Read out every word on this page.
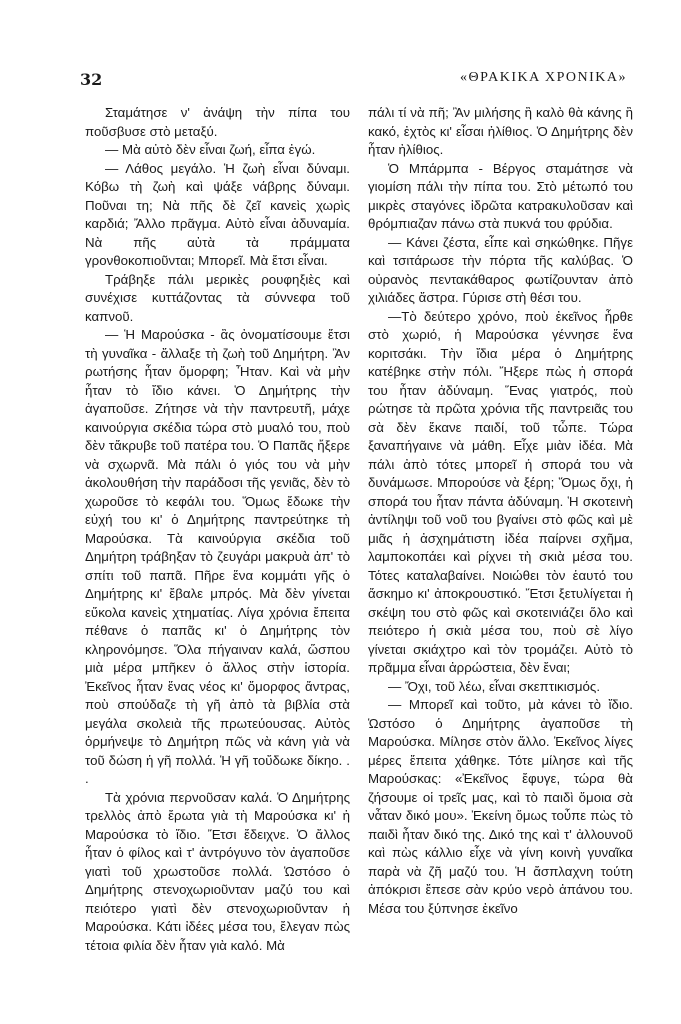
32	«ΘΡΑΚΙΚΑ ΧΡΟΝΙΚΑ»

Σταμάτησε ν' ἀνάψη τὴν πίπα του ποῦσβυσε στὸ μεταξύ.

— Μὰ αὐτὸ δὲν εἶναι ζωή, εἶπα ἐγώ.

— Λάθος μεγάλο. Ἡ ζωὴ εἶναι δύναμι. Κόβω τὴ ζωὴ καὶ ψάξε νάβρης δύναμι. Ποῦναι τη; Νὰ πῆς δὲ ζεῖ κανεὶς χωρὶς καρδιά; Ἄλλο πρᾶγμα. Αὐτὸ εἶναι ἀδυναμία. Νὰ πῆς αὐτὰ τὰ πράμματα γρονθοκοπιοῦνται; Μπορεῖ. Μὰ ἔτσι εἶναι.

Τράβηξε πάλι μερικὲς ρουφηξιὲς καὶ συνέχισε κυττάζοντας τὰ σύννεφα τοῦ καπνοῦ.

— Ἡ Μαρούσκα - ἂς ὀνοματίσουμε ἔτσι τὴ γυναῖκα - ἄλλαξε τὴ ζωὴ τοῦ Δημήτρη. Ἂν ρωτήσης ἦταν ὄμορφη; Ἦταν. Καὶ νὰ μὴν ἦταν τὸ ἴδιο κάνει. Ὁ Δημήτρης τὴν ἀγαποῦσε. Ζήτησε νὰ τὴν παντρευτῆ, μάχε καινούργια σκέδια τώρα στὸ μυαλό του, ποὺ δὲν τἄκρυβε τοῦ πατέρα του. Ὁ Παπᾶς ἤξερε νὰ σχωρνᾶ. Μὰ πάλι ὁ γιός του νὰ μὴν ἀκολουθήση τὴν παράδοσι τῆς γενιᾶς, δὲν τὸ χωροῦσε τὸ κεφάλι του. Ὅμως ἔδωκε τὴν εὐχή του κι' ὁ Δημήτρης παντρεύτηκε τὴ Μαρούσκα. Τὰ καινούργια σκέδια τοῦ Δημήτρη τράβηξαν τὸ ζευγάρι μακρυὰ ἀπ' τὸ σπίτι τοῦ παπᾶ. Πῆρε ἕνα κομμάτι γῆς ὁ Δημήτρης κι' ἔβαλε μπρός. Μὰ δὲν γίνεται εὔκολα κανεὶς χτηματίας. Λίγα χρόνια ἔπειτα πέθανε ὁ παπᾶς κι' ὁ Δημήτρης τὸν κληρονόμησε. Ὅλα πήγαιναν καλά, ὥσπου μιὰ μέρα μπῆκεν ὁ ἄλλος στὴν ἱστορία. Ἐκεῖνος ἦταν ἕνας νέος κι' ὄμορφος ἄντρας, ποὺ σπούδαζε τὴ γῆ ἀπὸ τὰ βιβλία στὰ μεγάλα σκολειὰ τῆς πρωτεύουσας. Αὐτὸς ὁρμήνεψε τὸ Δημήτρη πῶς νὰ κάνη γιὰ νὰ τοῦ δώση ἡ γῆ πολλά. Ἡ γῆ τοὔδωκε δίκηο. . .

Τὰ χρόνια περνοῦσαν καλά. Ὁ Δημήτρης τρελλὸς ἀπὸ ἔρωτα γιὰ τὴ Μαρούσκα κι' ἡ Μαρούσκα τὸ ἴδιο. Ἔτσι ἔδειχνε. Ὁ ἄλλος ἦταν ὁ φίλος καὶ τ' ἀντρόγυνο τὸν ἀγαποῦσε γιατὶ τοῦ χρωστοῦσε πολλά. Ὡστόσο ὁ Δημήτρης στενοχωριοῦνταν μαζύ του καὶ πειότερο γιατὶ δὲν στενοχωριοῦνταν ἡ Μαρούσκα. Κάτι ἰδέες μέσα του, ἔλεγαν πὼς τέτοια φιλία δὲν ἦταν γιὰ καλό. Μὰ

πάλι τί νὰ πῆ; Ἂν μιλήσης ἢ καλὸ θὰ κάνης ἢ κακό, ἐχτὸς κι' εἶσαι ἠλίθιος. Ὁ Δημήτρης δὲν ἦταν ἠλίθιος.

Ὁ Μπάρμπα - Βέργος σταμάτησε νὰ γιομίση πάλι τὴν πίπα του. Στὸ μέτωπό του μικρὲς σταγόνες ἱδρῶτα κατρακυλοῦσαν καὶ θρόμπιαζαν πάνω στὰ πυκνά του φρύδια.

— Κάνει ζέστα, εἶπε καὶ σηκώθηκε. Πῆγε καὶ τσιτάρωσε τὴν πόρτα τῆς καλύβας. Ὁ οὐρανὸς πεντακάθαρος φωτίζουνταν ἀπὸ χιλιάδες ἄστρα. Γύρισε στὴ θέσι του.

—Τὸ δεύτερο χρόνο, ποὺ ἐκεῖνος ἦρθε στὸ χωριό, ἡ Μαρούσκα γέννησε ἕνα κοριτσάκι. Τὴν ἴδια μέρα ὁ Δημήτρης κατέβηκε στὴν πόλι. Ἤξερε πὼς ἡ σπορά του ἦταν ἀδύναμη. Ἕνας γιατρός, ποὺ ρώτησε τὰ πρῶτα χρόνια τῆς παντρειᾶς του σὰ δὲν ἔκανε παιδί, τοῦ τὦπε. Τώρα ξαναπήγαινε νὰ μάθη. Εἶχε μιὰν ἰδέα. Μὰ πάλι ἀπὸ τότες μπορεῖ ἡ σπορά του νὰ δυνάμωσε. Μπορούσε νὰ ξέρη; Ὅμως ὄχι, ἡ σπορά του ἦταν πάντα ἀδύναμη. Ἡ σκοτεινὴ ἀντίληψι τοῦ νοῦ του βγαίνει στὸ φῶς καὶ μὲ μιᾶς ἡ ἀσχημάτιστη ἰδέα παίρνει σχῆμα, λαμποκοπάει καὶ ρίχνει τὴ σκιὰ μέσα του. Τότες καταλαβαίνει. Νοιώθει τὸν ἑαυτό του ἄσκημο κι' ἀποκρουστικό. Ἔτσι ξετυλίγεται ἡ σκέψη του στὸ φῶς καὶ σκοτεινιάζει ὅλο καὶ πειότερο ἡ σκιὰ μέσα του, ποὺ σὲ λίγο γίνεται σκιάχτρο καὶ τὸν τρομάζει. Αὐτὸ τὸ πρᾶμμα εἶναι ἀρρώστεια, δὲν ἔναι;

— Ὄχι, τοῦ λέω, εἶναι σκεπτικισμός.

— Μπορεῖ καὶ τοῦτο, μὰ κάνει τὸ ἴδιο. Ὡστόσο ὁ Δημήτρης ἀγαποῦσε τὴ Μαρούσκα. Μίλησε στὸν ἄλλο. Ἐκεῖνος λίγες μέρες ἔπειτα χάθηκε. Τότε μίλησε καὶ τῆς Μαρούσκας: «Ἐκεῖνος ἔφυγε, τώρα θὰ ζήσουμε οἱ τρεῖς μας, καὶ τὸ παιδὶ ὅμοια σὰ νἆταν δικό μου». Ἐκείνη ὅμως τοὖπε πὼς τὸ παιδὶ ἦταν δικό της. Δικό της καὶ τ' ἀλλουνοῦ καὶ πὼς κάλλιο εἶχε νὰ γίνη κοινὴ γυναῖκα παρὰ νὰ ζῆ μαζύ του. Ἡ ἄσπλαχνη τούτη ἀπόκρισι ἔπεσε σὰν κρύο νερὸ ἀπάνου του. Μέσα του ξύπνησε ἐκεῖνο
